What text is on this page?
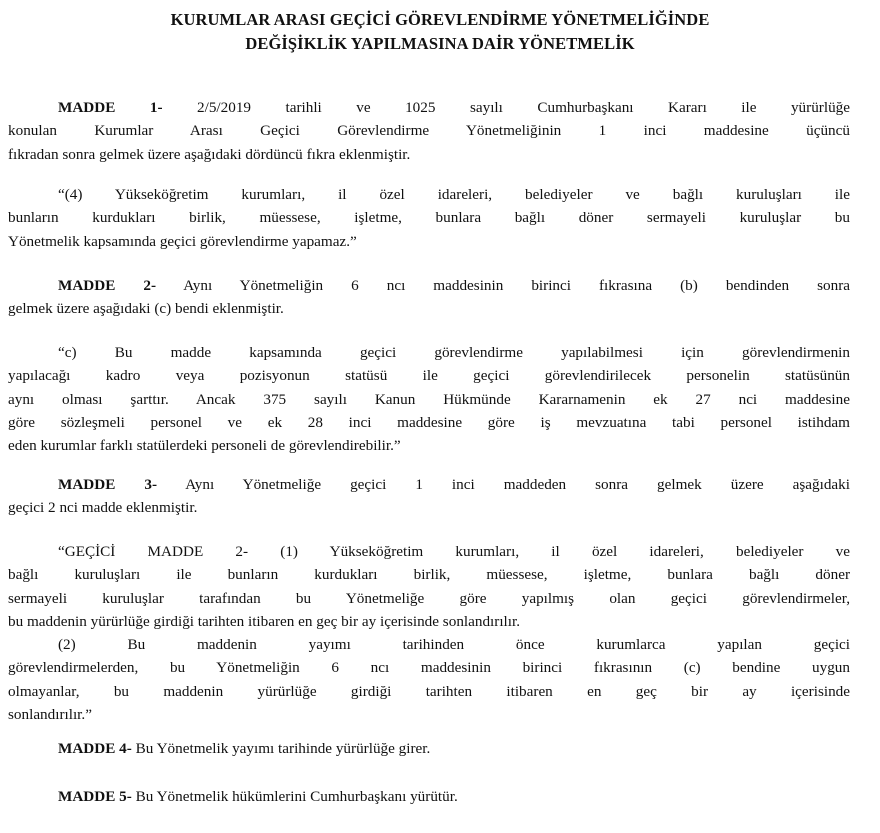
KURUMLAR ARASI GEÇİCİ GÖREVLENDİRME YÖNETMELİĞİNDE
DEĞİŞİKLİK YAPILMASINA DAİR YÖNETMELİK
MADDE 1- 2/5/2019 tarihli ve 1025 sayılı Cumhurbaşkanı Kararı ile yürürlüğe
konulan Kurumlar Arası Geçici Görevlendirme Yönetmeliğinin 1 inci maddesine üçüncü
fıkradan sonra gelmek üzere aşağıdaki dördüncü fıkra eklenmiştir.
“(4) Yükseköğretim kurumları, il özel idareleri, belediyeler ve bağlı kuruluşları ile
bunların kurdukları birlik, müessese, işletme, bunlara bağlı döner sermayeli kuruluşlar bu
Yönetmelik kapsamında geçici görevlendirme yapamaz.”
MADDE 2- Aynı Yönetmeliğin 6 ncı maddesinin birinci fıkrasına (b) bendinden sonra
gelmek üzere aşağıdaki (c) bendi eklenmiştir.
“c) Bu madde kapsamında geçici görevlendirme yapılabilmesi için görevlendirmenin
yapılacağı kadro veya pozisyonun statüsü ile geçici görevlendirilecek personelin statüsünün
aynı olması şarttır. Ancak 375 sayılı Kanun Hükmünde Kararnamenin ek 27 nci maddesine
göre sözleşmeli personel ve ek 28 inci maddesine göre iş mevzuatına tabi personel istihdam
eden kurumlar farklı statülerdeki personeli de görevlendirebilir.”
MADDE 3- Aynı Yönetmeliğe geçici 1 inci maddeden sonra gelmek üzere aşağıdaki
geçici 2 nci madde eklenmiştir.
“GEÇİCİ MADDE 2- (1) Yükseköğretim kurumları, il özel idareleri, belediyeler ve
bağlı kuruluşları ile bunların kurdukları birlik, müessese, işletme, bunlara bağlı döner
sermayeli kuruluşlar tarafından bu Yönetmeliğe göre yapılmış olan geçici görevlendirmeler,
bu maddenin yürürlüğe girdiği tarihten itibaren en geç bir ay içerisinde sonlandırılır.
(2) Bu maddenin yayımı tarihinden önce kurumlarca yapılan geçici
görevlendirmelerden, bu Yönetmeliğin 6 ncı maddesinin birinci fıkrasının (c) bendine uygun
olmayanlar, bu maddenin yürürlüğe girdiği tarihten itibaren en geç bir ay içerisinde
sonlandırılır.”
MADDE 4- Bu Yönetmelik yayımı tarihinde yürürlüğe girer.
MADDE 5- Bu Yönetmelik hükümlerini Cumhurbaşkanı yürütür.
